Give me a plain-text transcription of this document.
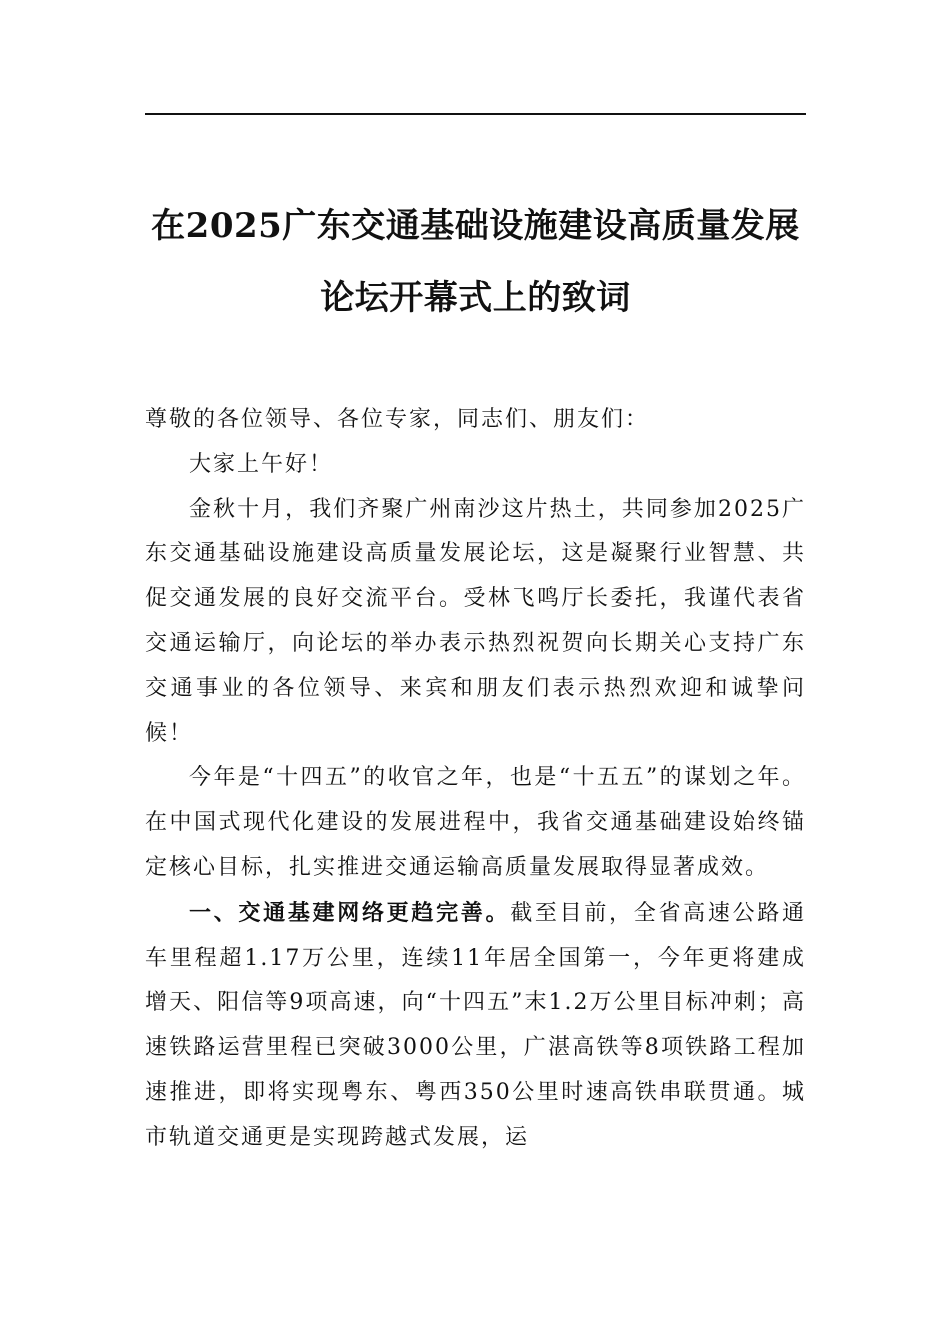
在2025广东交通基础设施建设高质量发展
论坛开幕式上的致词

尊敬的各位领导、各位专家，同志们、朋友们：

大家上午好！

金秋十月，我们齐聚广州南沙这片热土，共同参加2025广东交通基础设施建设高质量发展论坛，这是凝聚行业智慧、共促交通发展的良好交流平台。受林飞鸣厅长委托，我谨代表省交通运输厅，向论坛的举办表示热烈祝贺向长期关心支持广东交通事业的各位领导、来宾和朋友们表示热烈欢迎和诚挚问候！

今年是“十四五”的收官之年，也是“十五五”的谋划之年。在中国式现代化建设的发展进程中，我省交通基础建设始终锚定核心目标，扎实推进交通运输高质量发展取得显著成效。

一、交通基建网络更趋完善。截至目前，全省高速公路通车里程超1.17万公里，连续11年居全国第一，今年更将建成增天、阳信等9项高速，向“十四五”末1.2万公里目标冲刺；高速铁路运营里程已突破3000公里，广湛高铁等8项铁路工程加速推进，即将实现粤东、粤西350公里时速高铁串联贯通。城市轨道交通更是实现跨越式发展，运
